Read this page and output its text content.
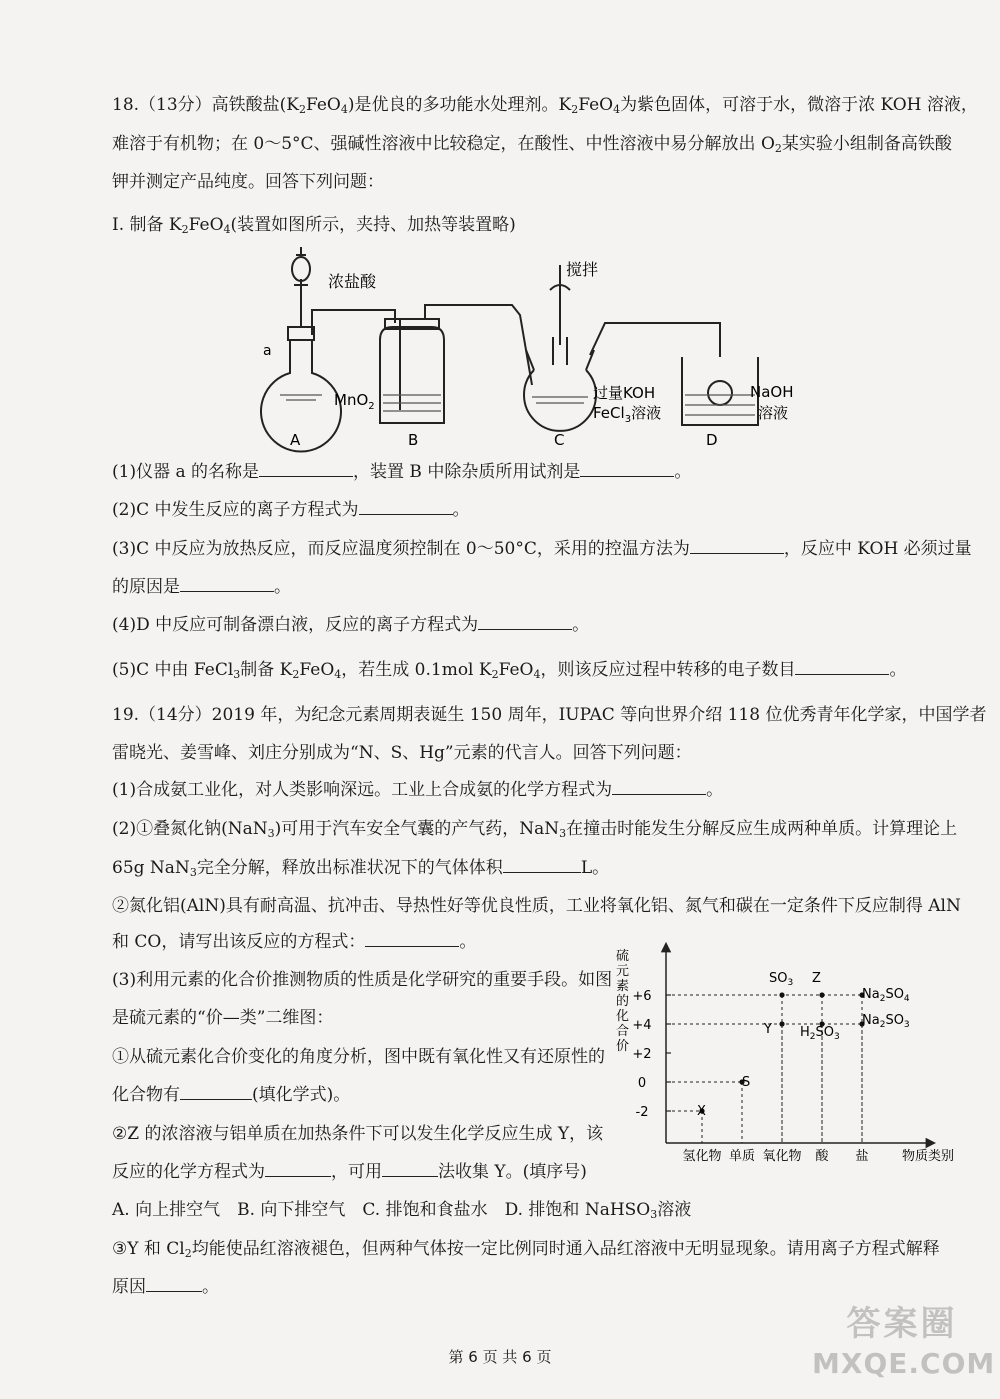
18.（13分）高铁酸盐$(K_2FeO_4)$是优良的多功能水处理剂。$K_2FeO_4$为紫色固体，可溶于水，微溶于浓 KOH 溶液，
难溶于有机物；在 0～5°C、强碱性溶液中比较稳定，在酸性、中性溶液中易分解放出 $O_2$某实验小组制备高铁酸
钾并测定产品纯度。回答下列问题：
I. 制备 $K_2FeO_4$(装置如图所示，夹持、加热等装置略)
浓盐酸
搅拌
a
MnO$_2$
过量KOH
FeCl$_3$溶液
NaOH
溶液
A	B	C	D
(1)仪器 a 的名称是	，装置 B 中除杂质所用试剂是	。
(2)C 中发生反应的离子方程式为	。
(3)C 中反应为放热反应，而反应温度须控制在 0～50°C，采用的控温方法为	，反应中 KOH 必须过量
的原因是	。
(4)D 中反应可制备漂白液，反应的离子方程式为	。
(5)C 中由 FeCl$_3$制备 $K_2FeO_4$，若生成 0.1mol $K_2FeO_4$，则该反应过程中转移的电子数目	。
19.（14分）2019 年，为纪念元素周期表诞生 150 周年，IUPAC 等向世界介绍 118 位优秀青年化学家，中国学者
雷晓光、姜雪峰、刘庄分别成为“N、S、Hg”元素的代言人。回答下列问题：
(1)合成氨工业化，对人类影响深远。工业上合成氨的化学方程式为	。
(2)①叠氮化钠(NaN$_3$)可用于汽车安全气囊的产气药，NaN$_3$在撞击时能发生分解反应生成两种单质。计算理论上
65g NaN$_3$完全分解，释放出标准状况下的气体体积	L。
②氮化铝(AlN)具有耐高温、抗冲击、导热性好等优良性质，工业将氧化铝、氮气和碳在一定条件下反应制得 AlN
和 CO，请写出该反应的方程式：	。
(3)利用元素的化合价推测物质的性质是化学研究的重要手段。如图
是硫元素的“价—类”二维图：
①从硫元素化合价变化的角度分析，图中既有氧化性又有还原性的
化合物有	(填化学式)。
②Z 的浓溶液与铝单质在加热条件下可以发生化学反应生成 Y，该
反应的化学方程式为	，可用	法收集 Y。(填序号)
A. 向上排空气　B. 向下排空气　C. 排饱和食盐水　D. 排饱和 NaHSO$_3$溶液
③Y 和 $Cl_2$均能使品红溶液褪色，但两种气体按一定比例同时通入品红溶液中无明显现象。请用离子方程式解释
原因	。
硫
元
素
的
化
合
价
+6
+4
+2
0
-2
氢化物 单质 氧化物 酸 盐	物质类别
X
S
$SO_3$
Y
Z
$H_2SO_3$
$Na_2SO_4$
$Na_2SO_3$
第 6 页 共 6 页
答案圈
MXQE.COM
